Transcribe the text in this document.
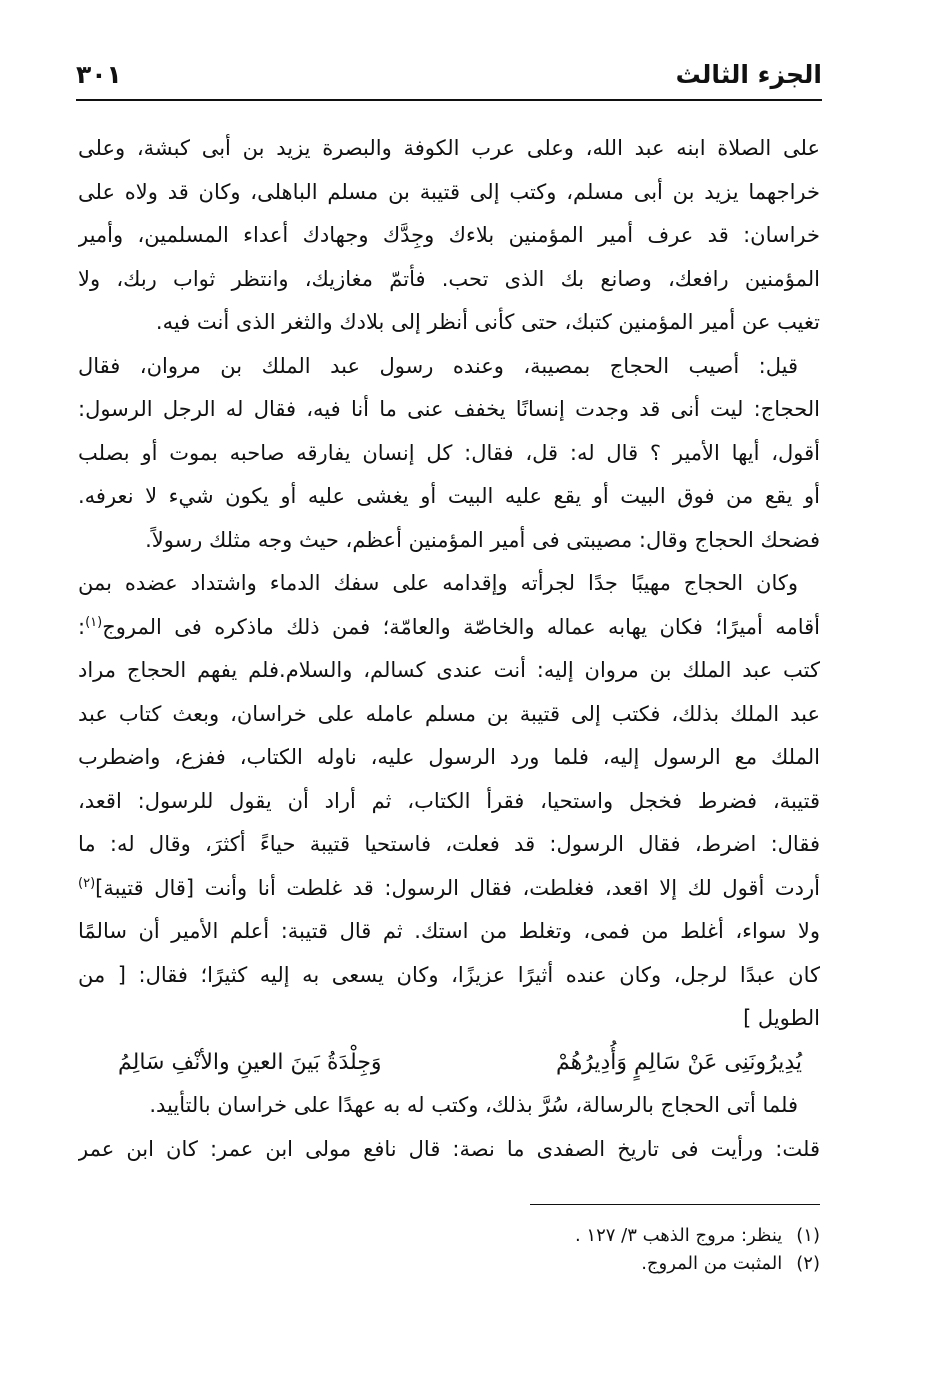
الجزء الثالث
٣٠١
على الصلاة ابنه عبد الله، وعلى عرب الكوفة والبصرة يزيد بن أبى كبشة، وعلى
خراجهما يزيد بن أبى مسلم، وكتب إلى قتيبة بن مسلم الباهلى، وكان قد ولاه على
خراسان: قد عرف أمير المؤمنين بلاءك وجِدَّك وجهادك أعداء المسلمين، وأمير
المؤمنين رافعك، وصانع بك الذى تحب. فأتمّ مغازيك، وانتظر ثواب ربك، ولا
تغيب عن أمير المؤمنين كتبك، حتى كأنى أنظر إلى بلادك والثغر الذى أنت فيه.
قيل: أصيب الحجاج بمصيبة، وعنده رسول عبد الملك بن مروان، فقال
الحجاج: ليت أنى قد وجدت إنسانًا يخفف عنى ما أنا فيه، فقال له الرجل الرسول:
أقول، أيها الأمير ؟ قال له: قل، فقال: كل إنسان يفارقه صاحبه بموت أو بصلب
أو يقع من فوق البيت أو يقع عليه البيت أو يغشى عليه أو يكون شيء لا نعرفه.
فضحك الحجاج وقال: مصيبتى فى أمير المؤمنين أعظم، حيث وجه مثلك رسولاً.
وكان الحجاج مهيبًا جدًا لجرأته وإقدامه على سفك الدماء واشتداد عضده بمن
أقامه أميرًا؛ فكان يهابه عماله والخاصّة والعامّة؛ فمن ذلك ماذكره فى المروج$^{(١)}$:
كتب عبد الملك بن مروان إليه: أنت عندى كسالم، والسلام.فلم يفهم الحجاج مراد
عبد الملك بذلك، فكتب إلى قتيبة بن مسلم عامله على خراسان، وبعث كتاب عبد
الملك مع الرسول إليه، فلما ورد الرسول عليه، ناوله الكتاب، ففزع، واضطرب
قتيبة، فضرط فخجل واستحيا، فقرأ الكتاب، ثم أراد أن يقول للرسول: اقعد،
فقال: اضرط، فقال الرسول: قد فعلت، فاستحيا قتيبة حياءً أكثرَ، وقال له: ما
أردت أقول لك إلا اقعد، فغلطت، فقال الرسول: قد غلطت أنا وأنت [قال قتيبة]$^{(٢)}$
ولا سواء، أغلط من فمى، وتغلط من استك. ثم قال قتيبة: أعلم الأمير أن سالمًا
كان عبدًا لرجل، وكان عنده أثيرًا عزيزًا، وكان يسعى به إليه كثيرًا؛ فقال: [ من
الطويل ]
يُدِيرُونَنِى عَنْ سَالِمٍ وَأُدِيرُهُمْ
وَجِلْدَةُ بَينَ العينِ والأنْفِ سَالِمُ
فلما أتى الحجاج بالرسالة، سُرَّ بذلك، وكتب له به عهدًا على خراسان بالتأييد.
قلت: ورأيت فى تاريخ الصفدى ما نصة: قال نافع مولى ابن عمر: كان ابن عمر
(١)ينظر: مروج الذهب ٣/ ١٢٧ .
(٢)المثبت من المروج.
